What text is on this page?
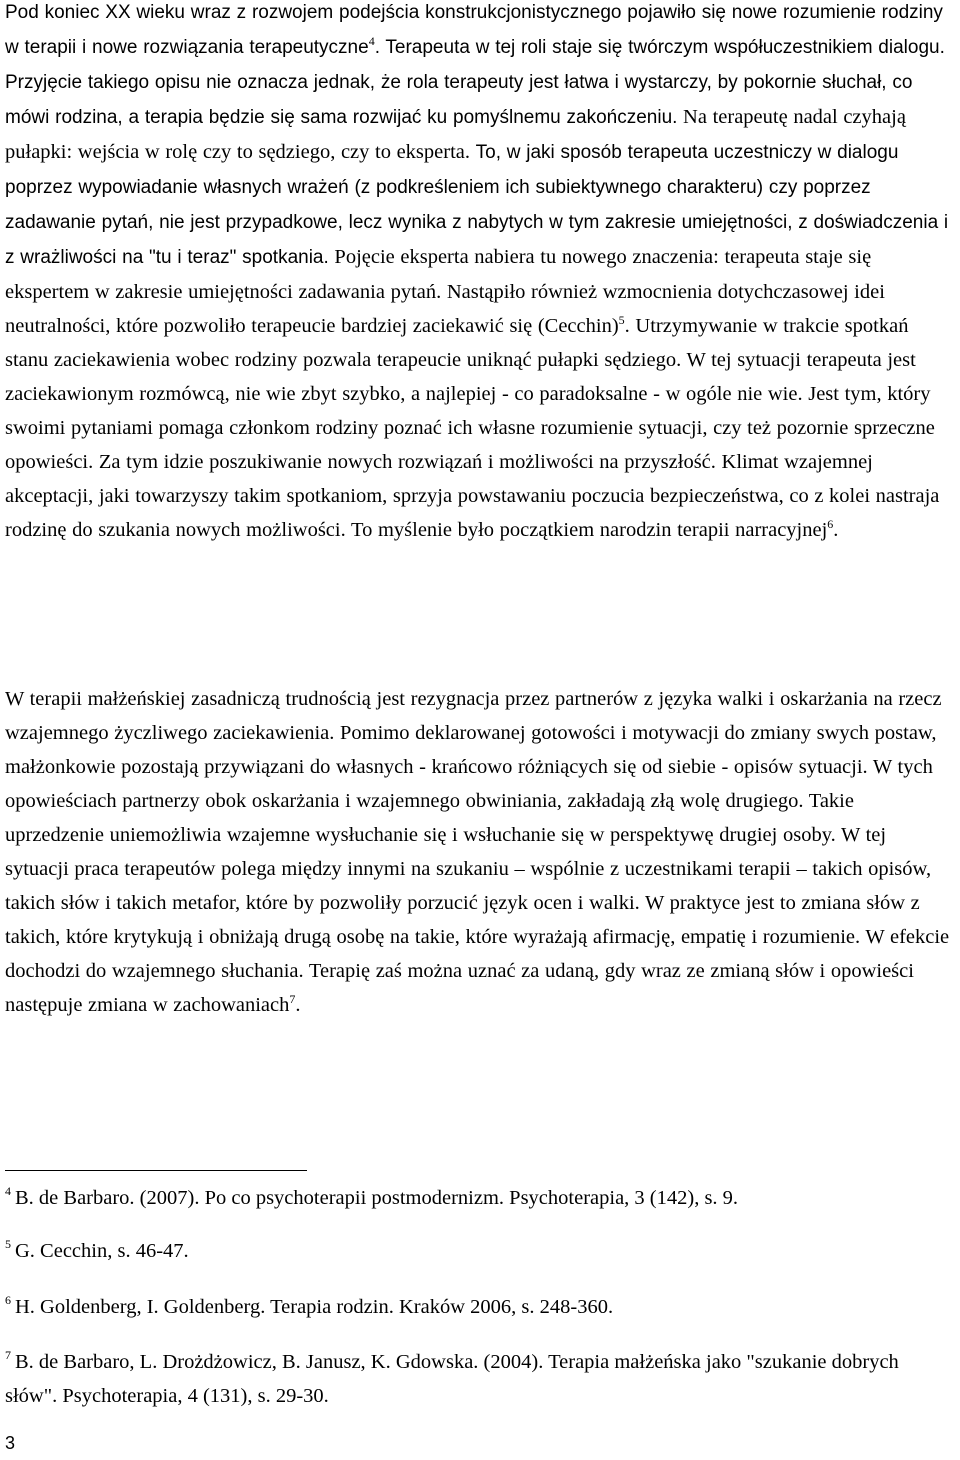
Pod koniec XX wieku wraz z rozwojem podejścia konstrukcjonistycznego pojawiło się nowe rozumienie rodziny w terapii i nowe rozwiązania terapeutyczne$^4$. Terapeuta w tej roli staje się twórczym współuczestnikiem dialogu. Przyjęcie takiego opisu nie oznacza jednak, że rola terapeuty jest łatwa i wystarczy, by pokornie słuchał, co mówi rodzina, a terapia będzie się sama rozwijać ku pomyślnemu zakończeniu. Na terapeutę nadal czyhają pułapki: wejścia w rolę czy to sędziego, czy to eksperta. To, w jaki sposób terapeuta uczestniczy w dialogu poprzez wypowiadanie własnych wrażeń (z podkreśleniem ich subiektywnego charakteru) czy poprzez zadawanie pytań, nie jest przypadkowe, lecz wynika z nabytych w tym zakresie umiejętności, z doświadczenia i z wrażliwości na "tu i teraz" spotkania. Pojęcie eksperta nabiera tu nowego znaczenia: terapeuta staje się ekspertem w zakresie umiejętności zadawania pytań. Nastąpiło również wzmocnienia dotychczasowej idei neutralności, które pozwoliło terapeucie bardziej zaciekawić się (Cecchin)$^5$. Utrzymywanie w trakcie spotkań stanu zaciekawienia wobec rodziny pozwala terapeucie uniknąć pułapki sędziego. W tej sytuacji terapeuta jest zaciekawionym rozmówcą, nie wie zbyt szybko, a najlepiej - co paradoksalne - w ogóle nie wie. Jest tym, który swoimi pytaniami pomaga członkom rodziny poznać ich własne rozumienie sytuacji, czy też pozornie sprzeczne opowieści. Za tym idzie poszukiwanie nowych rozwiązań i możliwości na przyszłość. Klimat wzajemnej akceptacji, jaki towarzyszy takim spotkaniom, sprzyja powstawaniu poczucia bezpieczeństwa, co z kolei nastraja rodzinę do szukania nowych możliwości. To myślenie było początkiem narodzin terapii narracyjnej$^6$.

W terapii małżeńskiej zasadniczą trudnością jest rezygnacja przez partnerów z języka walki i oskarżania na rzecz wzajemnego życzliwego zaciekawienia. Pomimo deklarowanej gotowości i motywacji do zmiany swych postaw, małżonkowie pozostają przywiązani do własnych - krańcowo różniących się od siebie - opisów sytuacji. W tych opowieściach partnerzy obok oskarżania i wzajemnego obwiniania, zakładają złą wolę drugiego. Takie uprzedzenie uniemożliwia wzajemne wysłuchanie się i wsłuchanie się w perspektywę drugiej osoby. W tej sytuacji praca terapeutów polega między innymi na szukaniu – wspólnie z uczestnikami terapii – takich opisów, takich słów i takich metafor, które by pozwoliły porzucić język ocen i walki. W praktyce jest to zmiana słów z takich, które krytykują i obniżają drugą osobę na takie, które wyrażają afirmację, empatię i rozumienie. W efekcie dochodzi do wzajemnego słuchania. Terapię zaś można uznać za udaną, gdy wraz ze zmianą słów i opowieści następuje zmiana w zachowaniach$^7$.

$^4$ B. de Barbaro. (2007). Po co psychoterapii postmodernizm. Psychoterapia, 3 (142), s. 9.
$^5$ G. Cecchin, s. 46-47.
$^6$ H. Goldenberg, I. Goldenberg. Terapia rodzin. Kraków 2006, s. 248-360.
$^7$ B. de Barbaro, L. Drożdżowicz, B. Janusz, K. Gdowska. (2004). Terapia małżeńska jako "szukanie dobrych słów". Psychoterapia, 4 (131), s. 29-30.
3
